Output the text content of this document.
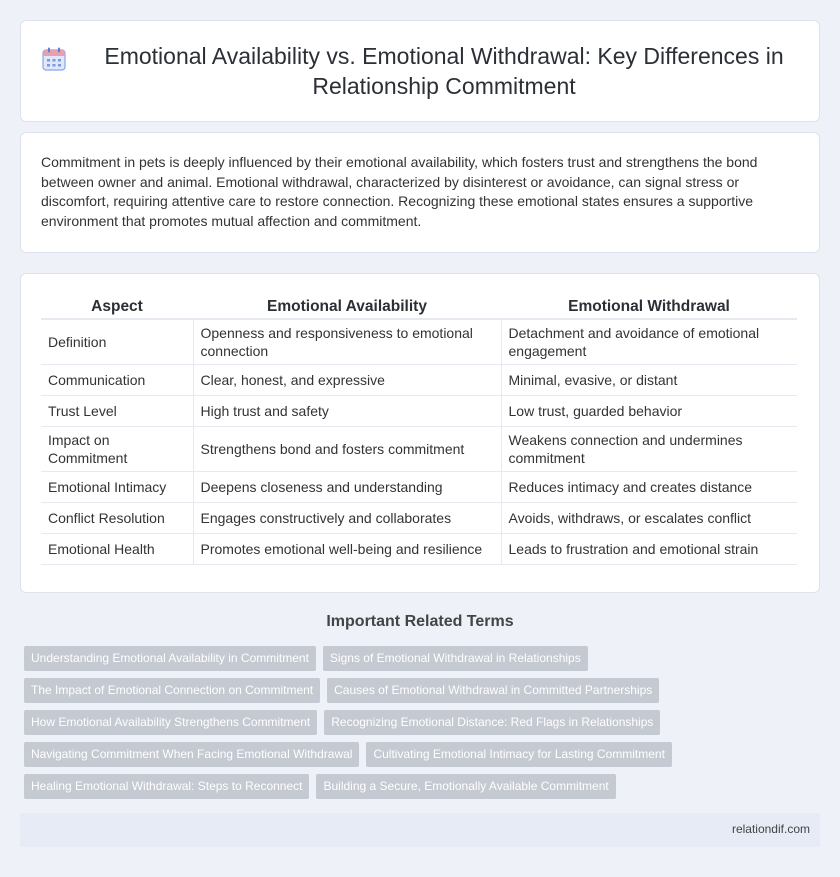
Emotional Availability vs. Emotional Withdrawal: Key Differences in Relationship Commitment

Commitment in pets is deeply influenced by their emotional availability, which fosters trust and strengthens the bond between owner and animal. Emotional withdrawal, characterized by disinterest or avoidance, can signal stress or discomfort, requiring attentive care to restore connection. Recognizing these emotional states ensures a supportive environment that promotes mutual affection and commitment.

Aspect	Emotional Availability	Emotional Withdrawal
Definition	Openness and responsiveness to emotional connection	Detachment and avoidance of emotional engagement
Communication	Clear, honest, and expressive	Minimal, evasive, or distant
Trust Level	High trust and safety	Low trust, guarded behavior
Impact on Commitment	Strengthens bond and fosters commitment	Weakens connection and undermines commitment
Emotional Intimacy	Deepens closeness and understanding	Reduces intimacy and creates distance
Conflict Resolution	Engages constructively and collaborates	Avoids, withdraws, or escalates conflict
Emotional Health	Promotes emotional well-being and resilience	Leads to frustration and emotional strain
Important Related Terms
Understanding Emotional Availability in Commitment	Signs of Emotional Withdrawal in Relationships
The Impact of Emotional Connection on Commitment	Causes of Emotional Withdrawal in Committed Partnerships
How Emotional Availability Strengthens Commitment	Recognizing Emotional Distance: Red Flags in Relationships
Navigating Commitment When Facing Emotional Withdrawal	Cultivating Emotional Intimacy for Lasting Commitment
Healing Emotional Withdrawal: Steps to Reconnect	Building a Secure, Emotionally Available Commitment
relationdif.com
